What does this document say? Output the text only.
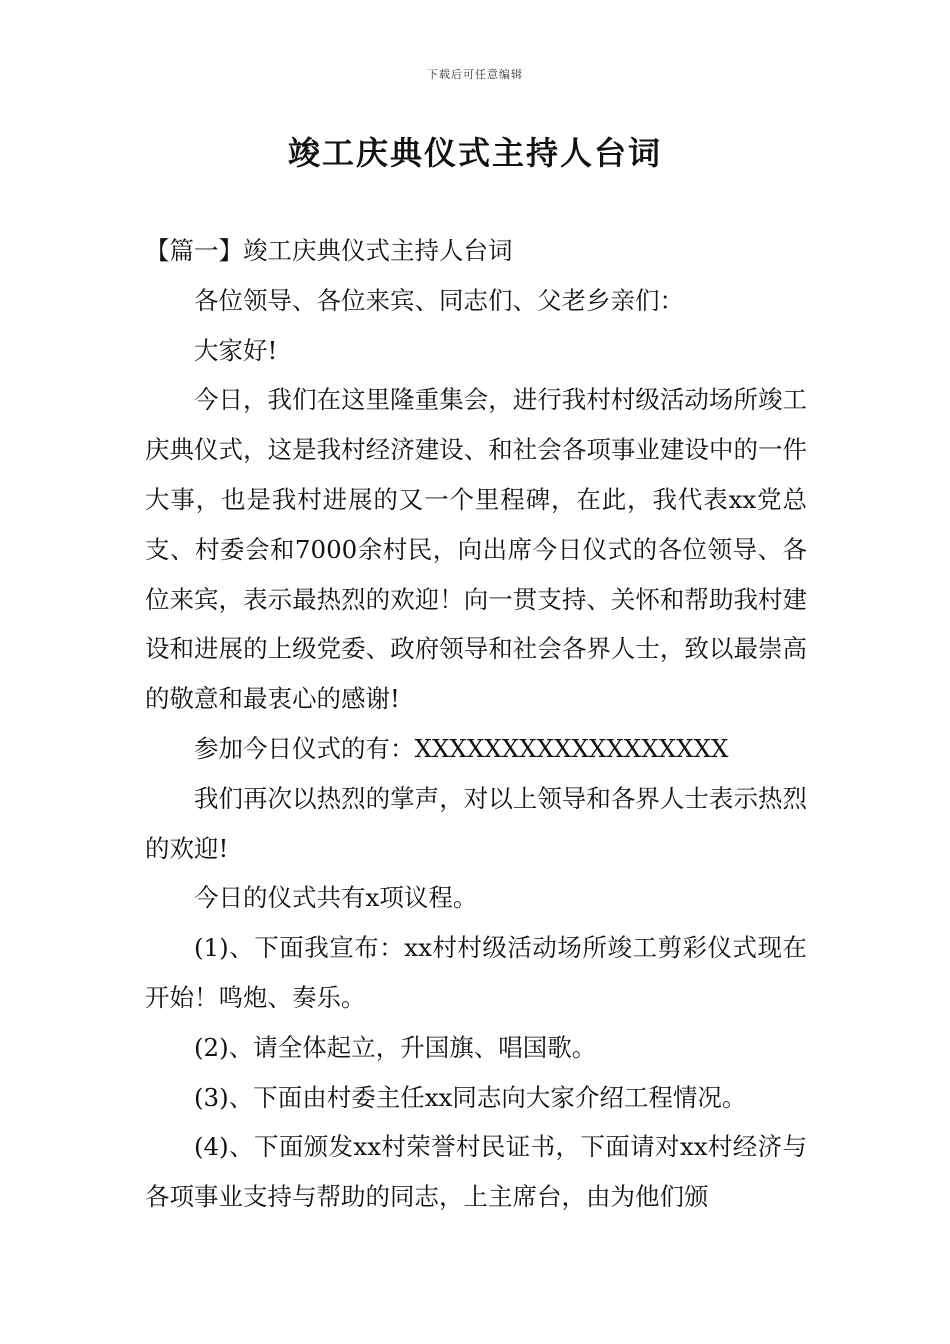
下载后可任意编辑
竣工庆典仪式主持人台词

【篇一】竣工庆典仪式主持人台词

各位领导、各位来宾、同志们、父老乡亲们：

大家好!

今日，我们在这里隆重集会，进行我村村级活动场所竣工庆典仪式，这是我村经济建设、和社会各项事业建设中的一件大事，也是我村进展的又一个里程碑，在此，我代表xx党总支、村委会和7000余村民，向出席今日仪式的各位领导、各位来宾，表示最热烈的欢迎！向一贯支持、关怀和帮助我村建设和进展的上级党委、政府领导和社会各界人士，致以最崇高的敬意和最衷心的感谢!

参加今日仪式的有：XXXXXXXXXXXXXXXXXX

我们再次以热烈的掌声，对以上领导和各界人士表示热烈的欢迎!

今日的仪式共有x项议程。

(1)、下面我宣布：xx村村级活动场所竣工剪彩仪式现在开始！鸣炮、奏乐。

(2)、请全体起立，升国旗、唱国歌。

(3)、下面由村委主任xx同志向大家介绍工程情况。

(4)、下面颁发xx村荣誉村民证书，下面请对xx村经济与各项事业支持与帮助的同志，上主席台，由为他们颁
